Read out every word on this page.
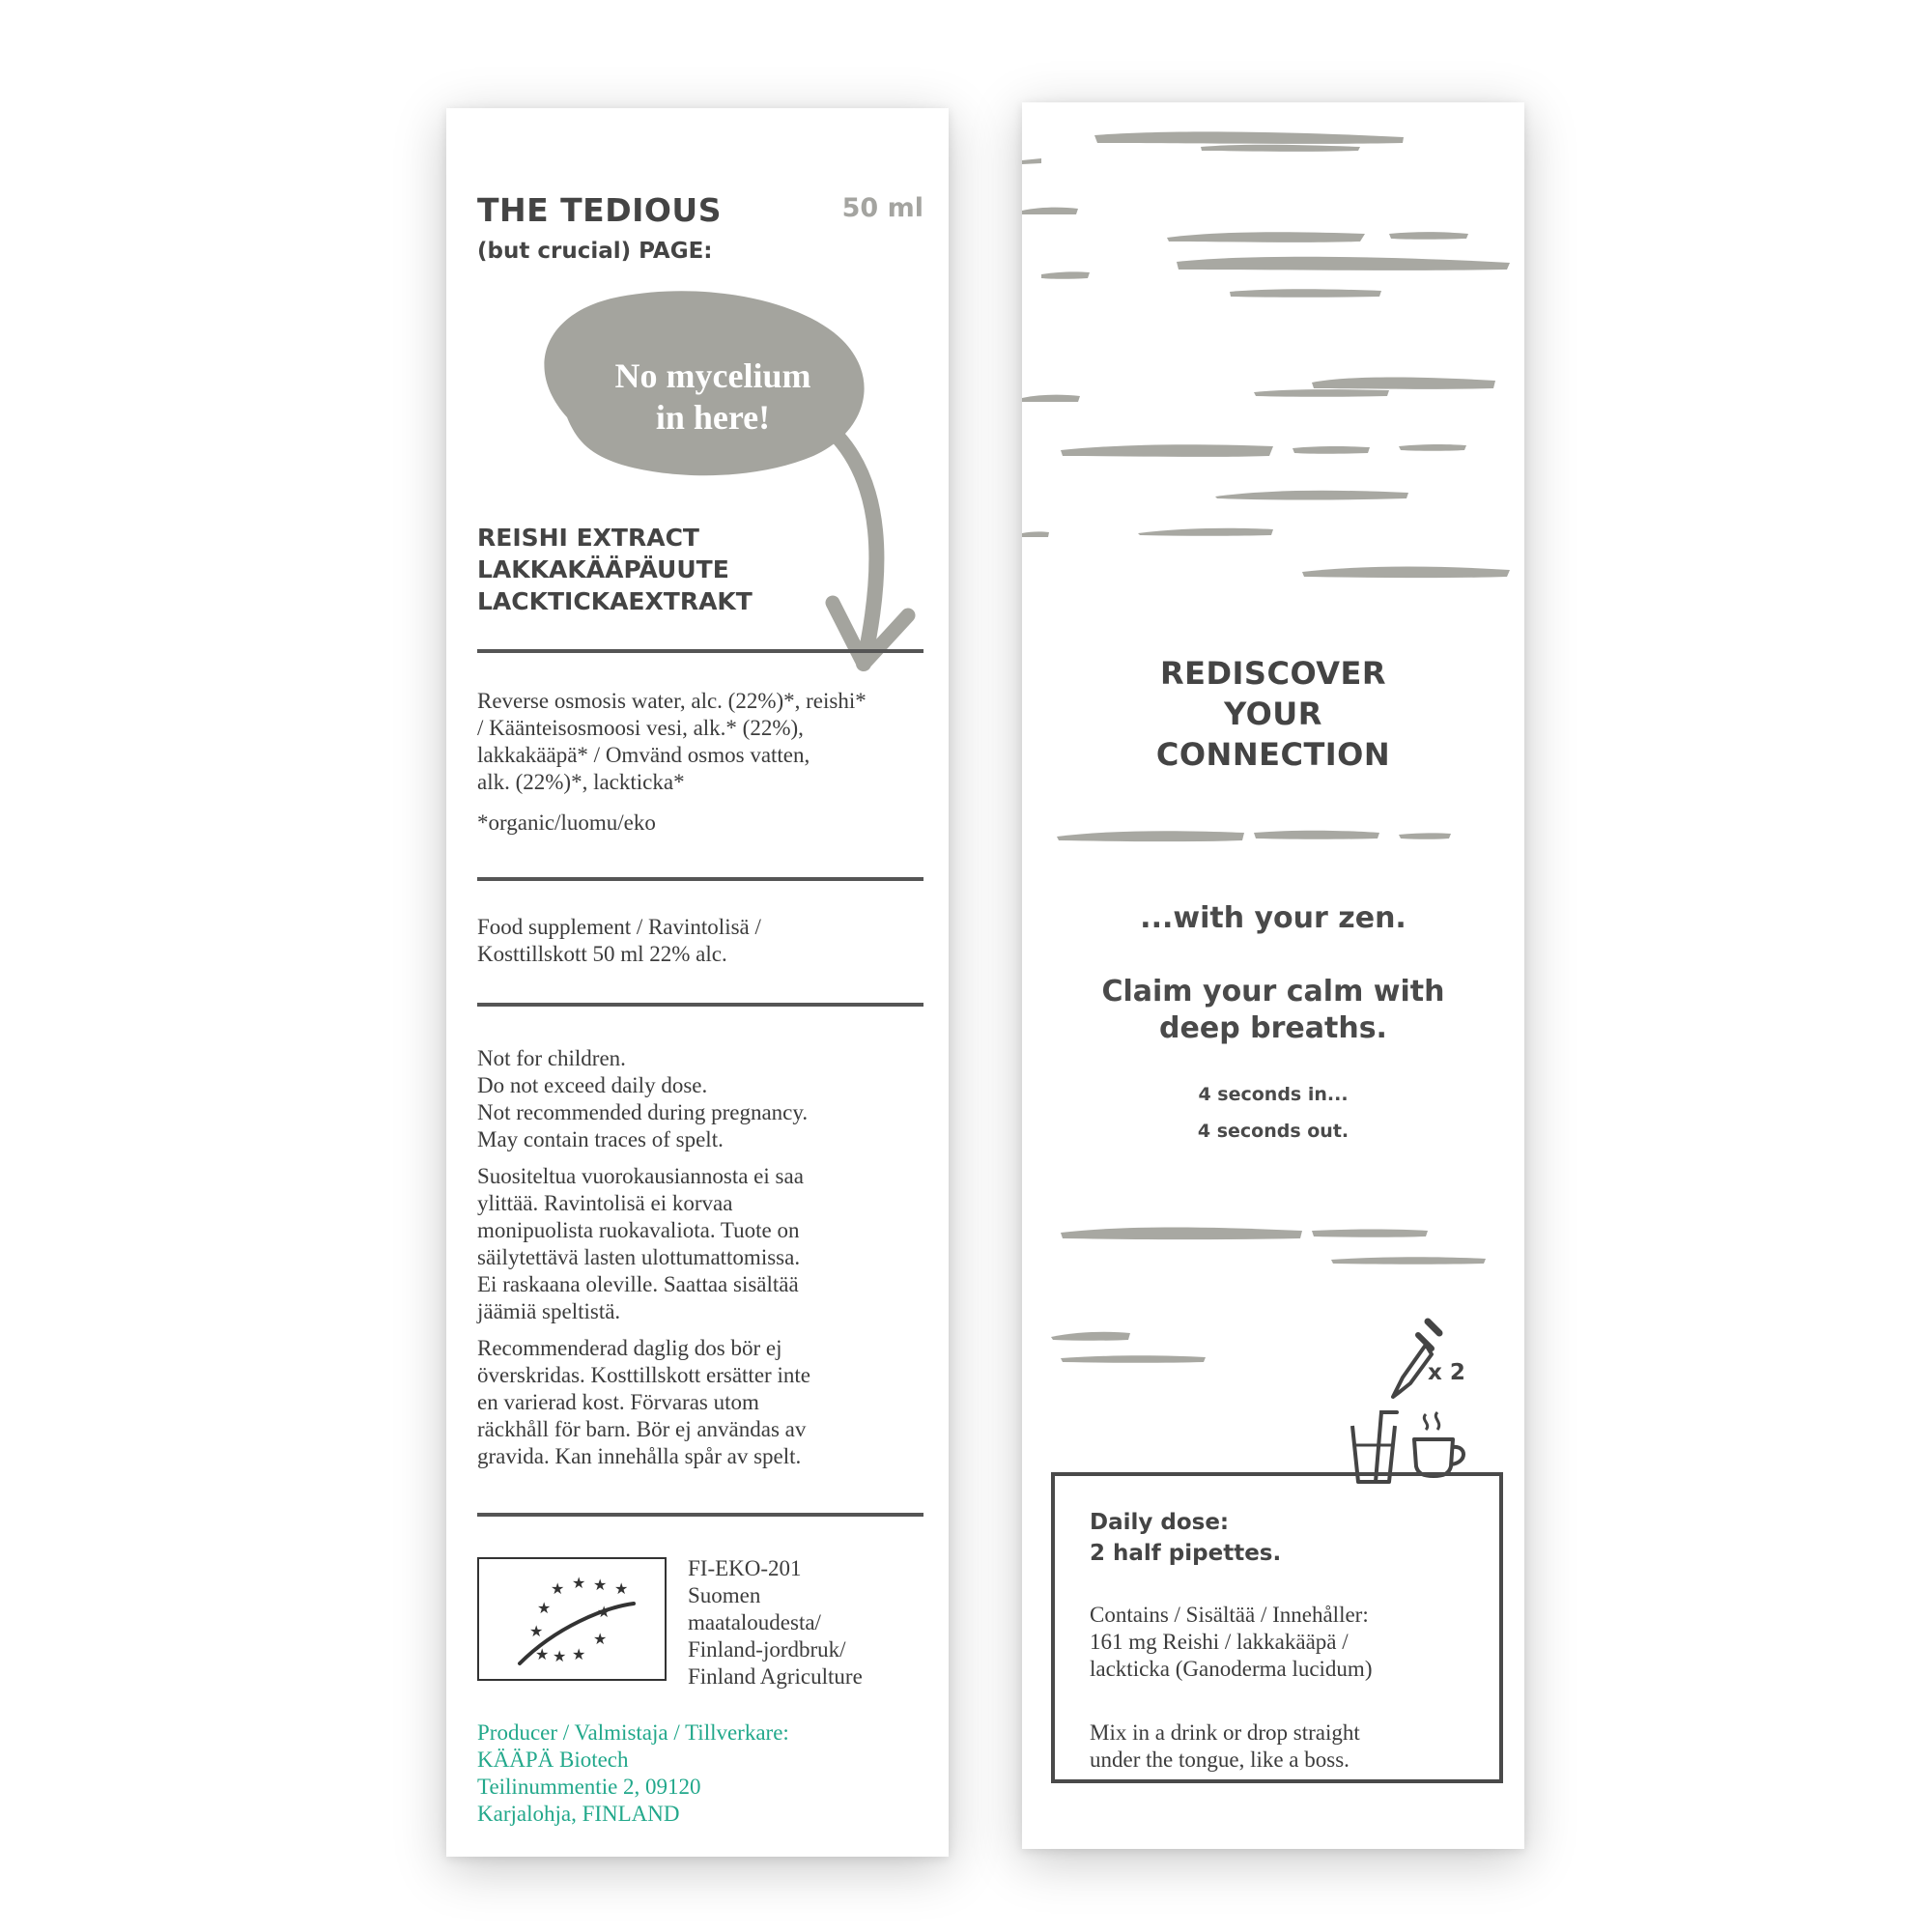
THE TEDIOUS	50 ml
(but crucial) PAGE:
No mycelium
in here!
REISHI EXTRACT
LAKKAKÄÄPÄUUTE
LACKTICKAEXTRAKT
Reverse osmosis water, alc. (22%)*, reishi*
/ Käänteisosmoosi vesi, alk.* (22%),
lakkakääpä* / Omvänd osmos vatten,
alk. (22%)*, lackticka*
*organic/luomu/eko
Food supplement / Ravintolisä /
Kosttillskott 50 ml 22% alc.

Not for children.
Do not exceed daily dose.
Not recommended during pregnancy.
May contain traces of spelt.

Suositeltua vuorokausiannosta ei saa
ylittää. Ravintolisä ei korvaa
monipuolista ruokavaliota. Tuote on
säilytettävä lasten ulottumattomissa.
Ei raskaana oleville. Saattaa sisältää
jäämiä speltistä.

Recommenderad daglig dos bör ej
överskridas. Kosttillskott ersätter inte
en varierad kost. Förvaras utom
räckhåll för barn. Bör ej användas av
gravida. Kan innehålla spår av spelt.

★ ★ ★ ★
★
★
★
★
★
★
★
FI-EKO-201
Suomen
maataloudesta/
Finland-jordbruk/
Finland Agriculture
Producer / Valmistaja / Tillverkare:
KÄÄPÄ Biotech
Teilinummentie 2, 09120
Karjalohja, FINLAND
REDISCOVER
YOUR
CONNECTION
...with your zen.
Claim your calm with
deep breaths.
4 seconds in...
4 seconds out.
x 2
Daily dose:
2 half pipettes.
Contains / Sisältää / Innehåller:
161 mg Reishi / lakkakääpä /
lackticka (Ganoderma lucidum)
Mix in a drink or drop straight
under the tongue, like a boss.
